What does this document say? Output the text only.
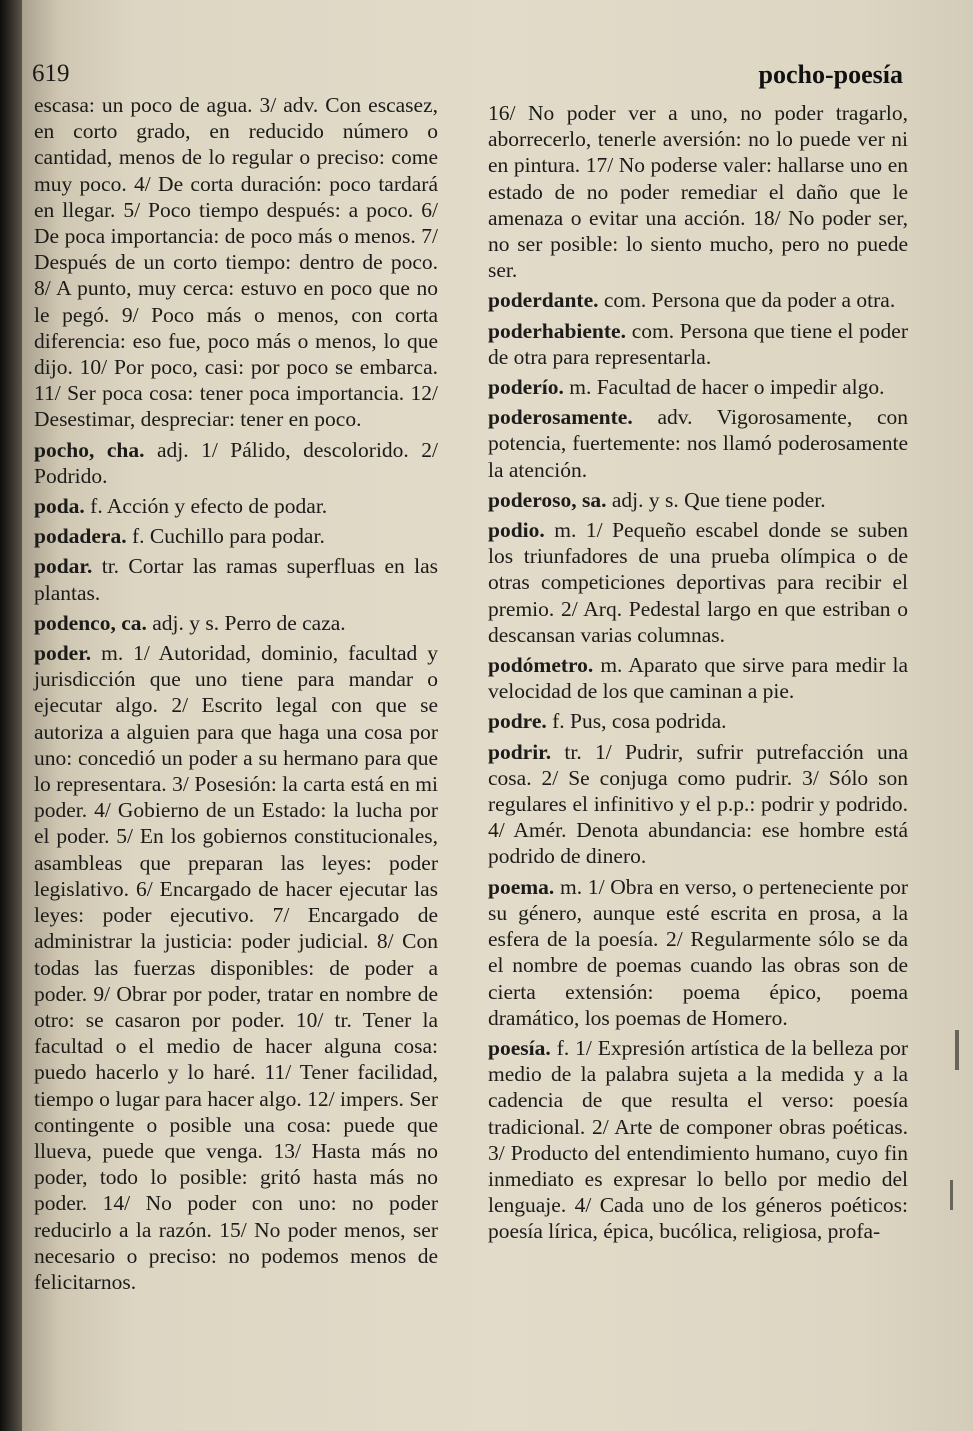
619	pocho-poesía

escasa: un poco de agua. 3/ adv. Con escasez, en corto grado, en reducido número o cantidad, menos de lo regular o preciso: come muy poco. 4/ De corta duración: poco tardará en llegar. 5/ Poco tiempo después: a poco. 6/ De poca importancia: de poco más o menos. 7/ Después de un corto tiempo: dentro de poco. 8/ A punto, muy cerca: estuvo en poco que no le pegó. 9/ Poco más o menos, con corta diferencia: eso fue, poco más o menos, lo que dijo. 10/ Por poco, casi: por poco se embarca. 11/ Ser poca cosa: tener poca importancia. 12/ Desestimar, despreciar: tener en poco.

pocho, cha. adj. 1/ Pálido, descolorido. 2/ Podrido.

poda. f. Acción y efecto de podar.

podadera. f. Cuchillo para podar.

podar. tr. Cortar las ramas superfluas en las plantas.

podenco, ca. adj. y s. Perro de caza.

poder. m. 1/ Autoridad, dominio, facultad y jurisdicción que uno tiene para mandar o ejecutar algo. 2/ Escrito legal con que se autoriza a alguien para que haga una cosa por uno: concedió un poder a su hermano para que lo representara. 3/ Posesión: la carta está en mi poder. 4/ Gobierno de un Estado: la lucha por el poder. 5/ En los gobiernos constitucionales, asambleas que preparan las leyes: poder legislativo. 6/ Encargado de hacer ejecutar las leyes: poder ejecutivo. 7/ Encargado de administrar la justicia: poder judicial. 8/ Con todas las fuerzas disponibles: de poder a poder. 9/ Obrar por poder, tratar en nombre de otro: se casaron por poder. 10/ tr. Tener la facultad o el medio de hacer alguna cosa: puedo hacerlo y lo haré. 11/ Tener facilidad, tiempo o lugar para hacer algo. 12/ impers. Ser contingente o posible una cosa: puede que llueva, puede que venga. 13/ Hasta más no poder, todo lo posible: gritó hasta más no poder. 14/ No poder con uno: no poder reducirlo a la razón. 15/ No poder menos, ser necesario o preciso: no podemos menos de felicitarnos.

16/ No poder ver a uno, no poder tragarlo, aborrecerlo, tenerle aversión: no lo puede ver ni en pintura. 17/ No poderse valer: hallarse uno en estado de no poder remediar el daño que le amenaza o evitar una acción. 18/ No poder ser, no ser posible: lo siento mucho, pero no puede ser.

poderdante. com. Persona que da poder a otra.

poderhabiente. com. Persona que tiene el poder de otra para representarla.

poderío. m. Facultad de hacer o impedir algo.

poderosamente. adv. Vigorosamente, con potencia, fuertemente: nos llamó poderosamente la atención.

poderoso, sa. adj. y s. Que tiene poder.

podio. m. 1/ Pequeño escabel donde se suben los triunfadores de una prueba olímpica o de otras competiciones deportivas para recibir el premio. 2/ Arq. Pedestal largo en que estriban o descansan varias columnas.

podómetro. m. Aparato que sirve para medir la velocidad de los que caminan a pie.

podre. f. Pus, cosa podrida.

podrir. tr. 1/ Pudrir, sufrir putrefacción una cosa. 2/ Se conjuga como pudrir. 3/ Sólo son regulares el infinitivo y el p.p.: podrir y podrido. 4/ Amér. Denota abundancia: ese hombre está podrido de dinero.

poema. m. 1/ Obra en verso, o perteneciente por su género, aunque esté escrita en prosa, a la esfera de la poesía. 2/ Regularmente sólo se da el nombre de poemas cuando las obras son de cierta extensión: poema épico, poema dramático, los poemas de Homero.

poesía. f. 1/ Expresión artística de la belleza por medio de la palabra sujeta a la medida y a la cadencia de que resulta el verso: poesía tradicional. 2/ Arte de componer obras poéticas. 3/ Producto del entendimiento humano, cuyo fin inmediato es expresar lo bello por medio del lenguaje. 4/ Cada uno de los géneros poéticos: poesía lírica, épica, bucólica, religiosa, profa-
